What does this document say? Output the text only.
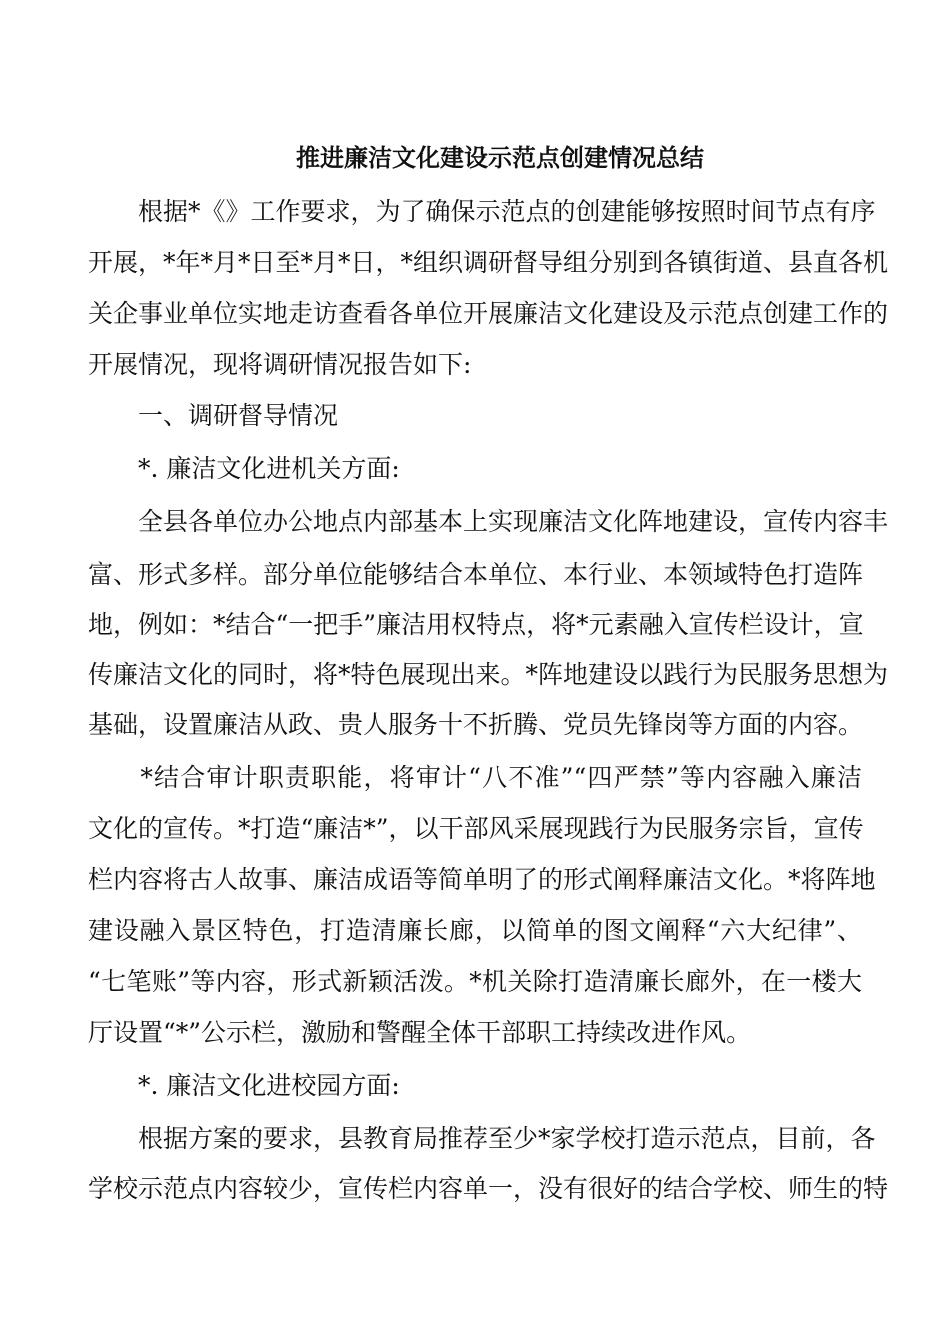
推进廉洁文化建设示范点创建情况总结

　　根据*《》工作要求，为了确保示范点的创建能够按照时间节点有序

开展，*年*月*日至*月*日，*组织调研督导组分别到各镇街道、县直各机

关企事业单位实地走访查看各单位开展廉洁文化建设及示范点创建工作的

开展情况，现将调研情况报告如下:

　　一、调研督导情况

　　*. 廉洁文化进机关方面:

　　全县各单位办公地点内部基本上实现廉洁文化阵地建设，宣传内容丰

富、形式多样。部分单位能够结合本单位、本行业、本领域特色打造阵

地，例如：*结合“一把手”廉洁用权特点，将*元素融入宣传栏设计，宣

传廉洁文化的同时，将*特色展现出来。*阵地建设以践行为民服务思想为

基础，设置廉洁从政、贵人服务十不折腾、党员先锋岗等方面的内容。

　　*结合审计职责职能，将审计“八不准”“四严禁”等内容融入廉洁

文化的宣传。*打造“廉洁*”，以干部风采展现践行为民服务宗旨，宣传

栏内容将古人故事、廉洁成语等简单明了的形式阐释廉洁文化。*将阵地

建设融入景区特色，打造清廉长廊，以简单的图文阐释“六大纪律”、

“七笔账”等内容，形式新颖活泼。*机关除打造清廉长廊外，在一楼大

厅设置“*”公示栏，激励和警醒全体干部职工持续改进作风。

　　*. 廉洁文化进校园方面:

　　根据方案的要求，县教育局推荐至少*家学校打造示范点，目前，各

学校示范点内容较少，宣传栏内容单一，没有很好的结合学校、师生的特
